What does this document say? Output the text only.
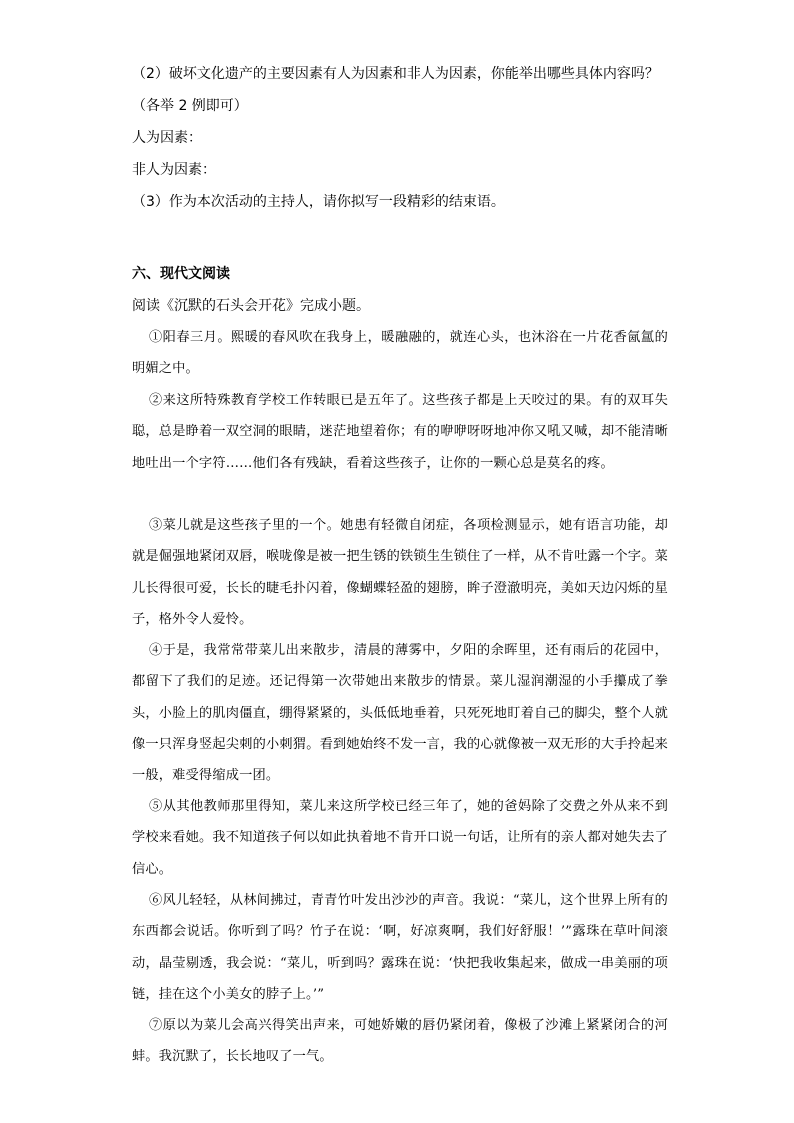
（2）破坏文化遗产的主要因素有人为因素和非人为因素，你能举出哪些具体内容吗？
（各举 2 例即可）
人为因素：
非人为因素：
（3）作为本次活动的主持人，请你拟写一段精彩的结束语。
六、现代文阅读
阅读《沉默的石头会开花》完成小题。
①阳春三月。熙暖的春风吹在我身上，暖融融的，就连心头，也沐浴在一片花香氤氲的明媚之中。
②来这所特殊教育学校工作转眼已是五年了。这些孩子都是上天咬过的果。有的双耳失聪，总是睁着一双空洞的眼睛，迷茫地望着你；有的咿咿呀呀地冲你又吼又喊，却不能清晰地吐出一个字符……他们各有残缺，看着这些孩子，让你的一颗心总是莫名的疼。
③菜儿就是这些孩子里的一个。她患有轻微自闭症，各项检测显示，她有语言功能，却就是倔强地紧闭双唇，喉咙像是被一把生锈的铁锁生生锁住了一样，从不肯吐露一个字。菜儿长得很可爱，长长的睫毛扑闪着，像蝴蝶轻盈的翅膀，眸子澄澈明亮，美如天边闪烁的星子，格外令人爱怜。
④于是，我常常带菜儿出来散步，清晨的薄雾中，夕阳的余晖里，还有雨后的花园中，都留下了我们的足迹。还记得第一次带她出来散步的情景。菜儿湿润潮湿的小手攥成了拳头，小脸上的肌肉僵直，绷得紧紧的，头低低地垂着，只死死地盯着自己的脚尖，整个人就像一只浑身竖起尖刺的小刺猬。看到她始终不发一言，我的心就像被一双无形的大手拎起来一般，难受得缩成一团。
⑤从其他教师那里得知，菜儿来这所学校已经三年了，她的爸妈除了交费之外从来不到学校来看她。我不知道孩子何以如此执着地不肯开口说一句话，让所有的亲人都对她失去了信心。
⑥风儿轻轻，从林间拂过，青青竹叶发出沙沙的声音。我说：“菜儿，这个世界上所有的东西都会说话。你听到了吗？竹子在说：‘啊，好凉爽啊，我们好舒服！’”露珠在草叶间滚动，晶莹剔透，我会说：“菜儿，听到吗？露珠在说：‘快把我收集起来，做成一串美丽的项链，挂在这个小美女的脖子上。’”
⑦原以为菜儿会高兴得笑出声来，可她娇嫩的唇仍紧闭着，像极了沙滩上紧紧闭合的河蚌。我沉默了，长长地叹了一气。
